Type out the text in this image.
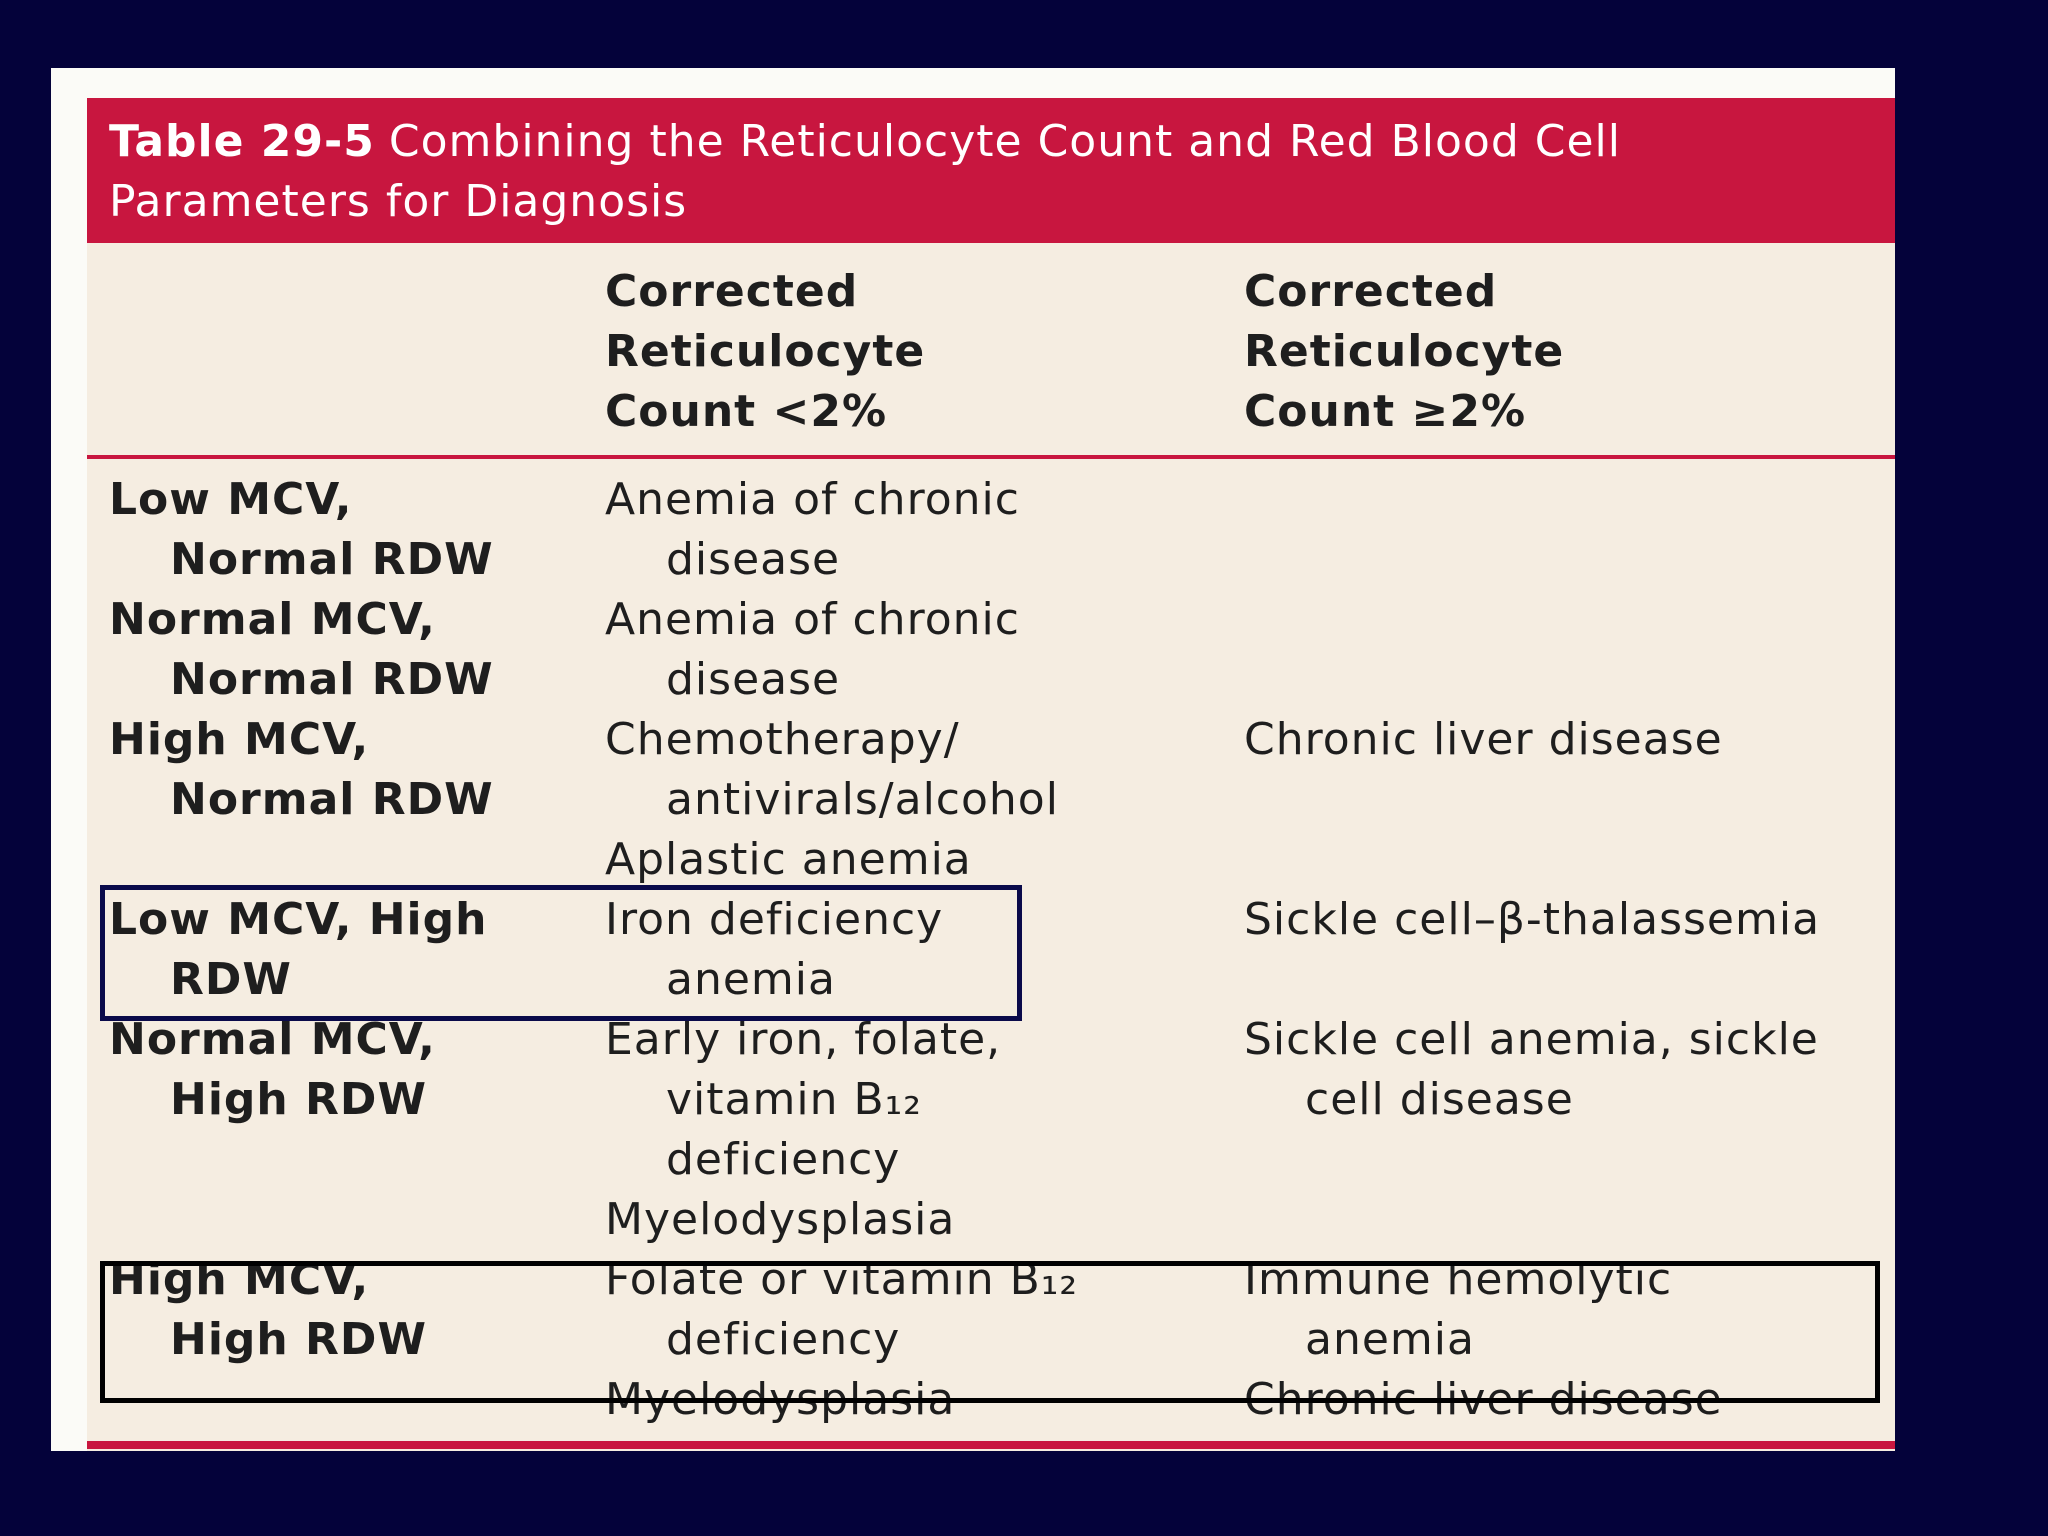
Table 29-5 Combining the Reticulocyte Count and Red Blood Cell
Parameters for Diagnosis
Corrected
Reticulocyte
Count <2%
Corrected
Reticulocyte
Count ≥2%
Low MCV,
Normal RDW
Anemia of chronic
disease
Normal MCV,
Normal RDW
Anemia of chronic
disease
High MCV,
Normal RDW
Chemotherapy/
antivirals/alcohol
Aplastic anemia
Chronic liver disease
Low MCV, High
RDW
Iron deficiency
anemia
Sickle cell–β-thalassemia
Normal MCV,
High RDW
Early iron, folate,
vitamin B₁₂
deficiency
Myelodysplasia
Sickle cell anemia, sickle
cell disease
High MCV,
High RDW
Folate or vitamin B₁₂
deficiency
Myelodysplasia
Immune hemolytic
anemia
Chronic liver disease
